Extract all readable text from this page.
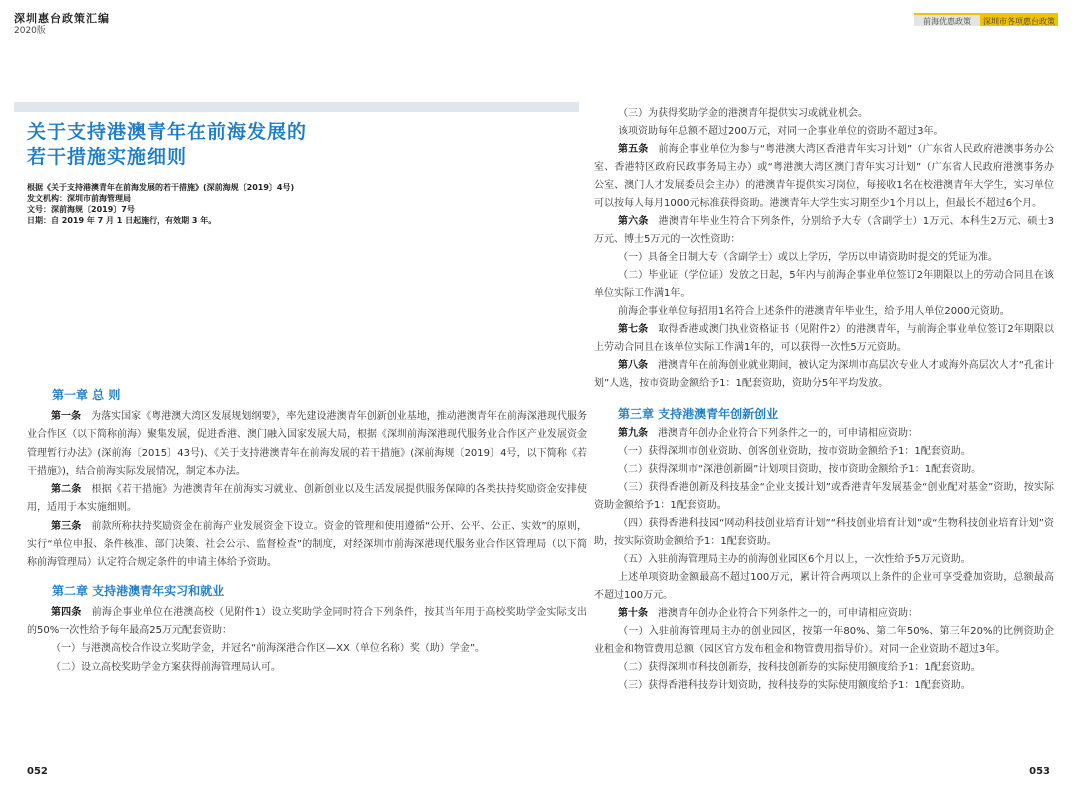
深圳惠台政策汇编
2020版
前海优惠政策	深圳市各项惠台政策
关于支持港澳青年在前海发展的
若干措施实施细则
根据《关于支持港澳青年在前海发展的若干措施》(深前海规〔2019〕4号)
发文机构：深圳市前海管理局
文号：深前海规〔2019〕7号
日期：自 2019 年 7 月 1 日起施行，有效期 3 年。
第一章 总 则

第一条　 为落实国家《粤港澳大湾区发展规划纲要》，率先建设港澳青年创新创业基地，推动港澳青年在前海深港现代服务业合作区（以下简称前海）聚集发展，促进香港、澳门融入国家发展大局，根据《深圳前海深港现代服务业合作区产业发展资金管理暂行办法》(深前海〔2015〕43号)、《关于支持港澳青年在前海发展的若干措施》(深前海规〔2019〕4号，以下简称《若干措施》)，结合前海实际发展情况，制定本办法。

第二条　 根据《若干措施》为港澳青年在前海实习就业、创新创业以及生活发展提供服务保障的各类扶持奖励资金安排使用，适用于本实施细则。

第三条　 前款所称扶持奖励资金在前海产业发展资金下设立。资金的管理和使用遵循“公开、公平、公正、实效”的原则，实行“单位申报、条件核准、部门决策、社会公示、监督检查”的制度，对经深圳市前海深港现代服务业合作区管理局（以下简称前海管理局）认定符合规定条件的申请主体给予资助。

第二章 支持港澳青年实习和就业

第四条　 前海企事业单位在港澳高校（见附件1）设立奖助学金同时符合下列条件，按其当年用于高校奖助学金实际支出的50%一次性给予每年最高25万元配套资助：

（一）与港澳高校合作设立奖助学金，并冠名“前海深港合作区—XX（单位名称）奖（助）学金”。

（二）设立高校奖助学金方案获得前海管理局认可。

（三）为获得奖助学金的港澳青年提供实习或就业机会。

该项资助每年总额不超过200万元，对同一企事业单位的资助不超过3年。

第五条　 前海企事业单位为参与“粤港澳大湾区香港青年实习计划”（广东省人民政府港澳事务办公室、香港特区政府民政事务局主办）或“粤港澳大湾区澳门青年实习计划”（广东省人民政府港澳事务办公室、澳门人才发展委员会主办）的港澳青年提供实习岗位，每接收1名在校港澳青年大学生，实习单位可以按每人每月1000元标准获得资助。港澳青年大学生实习期至少1个月以上，但最长不超过6个月。

第六条　 港澳青年毕业生符合下列条件，分别给予大专（含副学士）1万元、本科生2万元、硕士3万元、博士5万元的一次性资助：

（一）具备全日制大专（含副学士）或以上学历，学历以申请资助时提交的凭证为准。

（二）毕业证（学位证）发放之日起，5年内与前海企事业单位签订2年期限以上的劳动合同且在该单位实际工作满1年。

前海企事业单位每招用1名符合上述条件的港澳青年毕业生，给予用人单位2000元资助。

第七条　 取得香港或澳门执业资格证书（见附件2）的港澳青年，与前海企事业单位签订2年期限以上劳动合同且在该单位实际工作满1年的，可以获得一次性5万元资助。

第八条　 港澳青年在前海创业就业期间，被认定为深圳市高层次专业人才或海外高层次人才“孔雀计划”人选，按市资助金额给予1：1配套资助，资助分5年平均发放。

第三章 支持港澳青年创新创业

第九条　 港澳青年创办企业符合下列条件之一的，可申请相应资助：

（一）获得深圳市创业资助、创客创业资助，按市资助金额给予1：1配套资助。

（二）获得深圳市“深港创新圈”计划项目资助，按市资助金额给予1：1配套资助。

（三）获得香港创新及科技基金“企业支援计划”或香港青年发展基金“创业配对基金”资助，按实际资助金额给予1：1配套资助。

（四）获得香港科技园“网动科技创业培育计划”“科技创业培育计划”或“生物科技创业培育计划”资助，按实际资助金额给予1：1配套资助。

（五）入驻前海管理局主办的前海创业园区6个月以上，一次性给予5万元资助。

上述单项资助金额最高不超过100万元，累计符合两项以上条件的企业可享受叠加资助，总额最高不超过100万元。

第十条　 港澳青年创办企业符合下列条件之一的，可申请相应资助：

（一）入驻前海管理局主办的创业园区，按第一年80%、第二年50%、第三年20%的比例资助企业租金和物管费用总额（园区官方发布租金和物管费用指导价）。对同一企业资助不超过3年。

（二）获得深圳市科技创新券，按科技创新券的实际使用额度给予1：1配套资助。

（三）获得香港科技券计划资助，按科技券的实际使用额度给予1：1配套资助。

052	053
